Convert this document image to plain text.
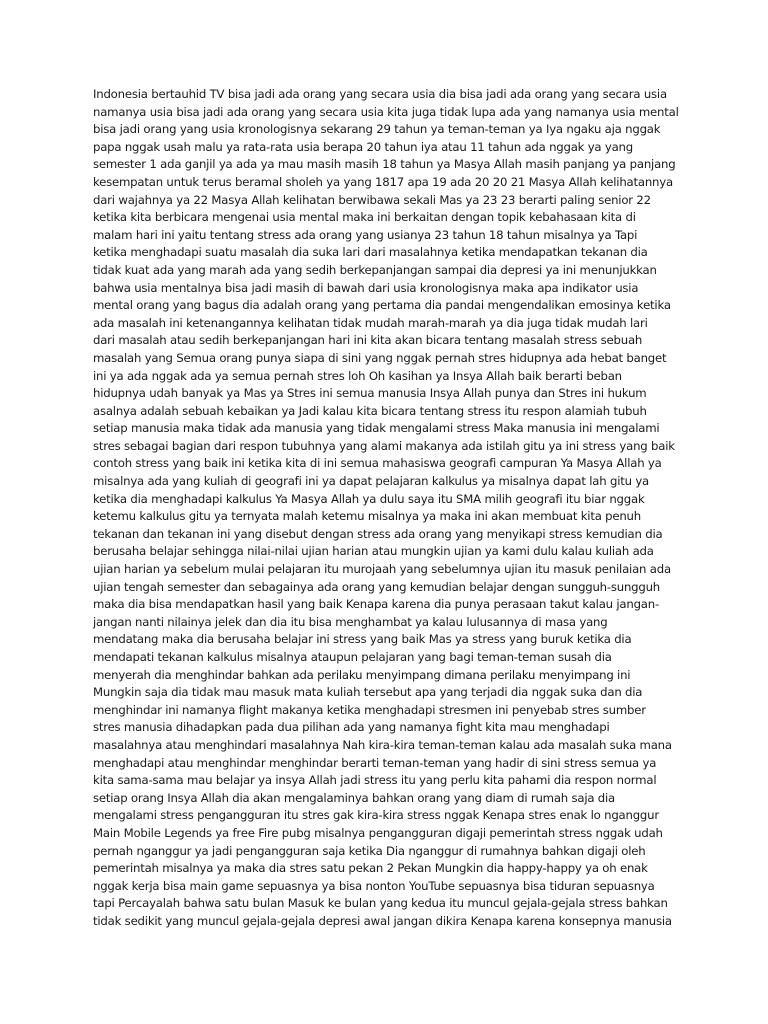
Indonesia bertauhid TV bisa jadi ada orang yang secara usia dia bisa jadi ada orang yang secara usia
namanya usia bisa jadi ada orang yang secara usia kita juga tidak lupa ada yang namanya usia mental
bisa jadi orang yang usia kronologisnya sekarang 29 tahun ya teman-teman ya Iya ngaku aja nggak
papa nggak usah malu ya rata-rata usia berapa 20 tahun iya atau 11 tahun ada nggak ya yang
semester 1 ada ganjil ya ada ya mau masih masih 18 tahun ya Masya Allah masih panjang ya panjang
kesempatan untuk terus beramal sholeh ya yang 1817 apa 19 ada 20 20 21 Masya Allah kelihatannya
dari wajahnya ya 22 Masya Allah kelihatan berwibawa sekali Mas ya 23 23 berarti paling senior 22
ketika kita berbicara mengenai usia mental maka ini berkaitan dengan topik kebahasaan kita di
malam hari ini yaitu tentang stress ada orang yang usianya 23 tahun 18 tahun misalnya ya Tapi
ketika menghadapi suatu masalah dia suka lari dari masalahnya ketika mendapatkan tekanan dia
tidak kuat ada yang marah ada yang sedih berkepanjangan sampai dia depresi ya ini menunjukkan
bahwa usia mentalnya bisa jadi masih di bawah dari usia kronologisnya maka apa indikator usia
mental orang yang bagus dia adalah orang yang pertama dia pandai mengendalikan emosinya ketika
ada masalah ini ketenangannya kelihatan tidak mudah marah-marah ya dia juga tidak mudah lari
dari masalah atau sedih berkepanjangan hari ini kita akan bicara tentang masalah stress sebuah
masalah yang Semua orang punya siapa di sini yang nggak pernah stres hidupnya ada hebat banget
ini ya ada nggak ada ya semua pernah stres loh Oh kasihan ya Insya Allah baik berarti beban
hidupnya udah banyak ya Mas ya Stres ini semua manusia Insya Allah punya dan Stres ini hukum
asalnya adalah sebuah kebaikan ya Jadi kalau kita bicara tentang stress itu respon alamiah tubuh
setiap manusia maka tidak ada manusia yang tidak mengalami stress Maka manusia ini mengalami
stres sebagai bagian dari respon tubuhnya yang alami makanya ada istilah gitu ya ini stress yang baik
contoh stress yang baik ini ketika kita di ini semua mahasiswa geografi campuran Ya Masya Allah ya
misalnya ada yang kuliah di geografi ini ya dapat pelajaran kalkulus ya misalnya dapat lah gitu ya
ketika dia menghadapi kalkulus Ya Masya Allah ya dulu saya itu SMA milih geografi itu biar nggak
ketemu kalkulus gitu ya ternyata malah ketemu misalnya ya maka ini akan membuat kita penuh
tekanan dan tekanan ini yang disebut dengan stress ada orang yang menyikapi stress kemudian dia
berusaha belajar sehingga nilai-nilai ujian harian atau mungkin ujian ya kami dulu kalau kuliah ada
ujian harian ya sebelum mulai pelajaran itu murojaah yang sebelumnya ujian itu masuk penilaian ada
ujian tengah semester dan sebagainya ada orang yang kemudian belajar dengan sungguh-sungguh
maka dia bisa mendapatkan hasil yang baik Kenapa karena dia punya perasaan takut kalau jangan-
jangan nanti nilainya jelek dan dia itu bisa menghambat ya kalau lulusannya di masa yang
mendatang maka dia berusaha belajar ini stress yang baik Mas ya stress yang buruk ketika dia
mendapati tekanan kalkulus misalnya ataupun pelajaran yang bagi teman-teman susah dia
menyerah dia menghindar bahkan ada perilaku menyimpang dimana perilaku menyimpang ini
Mungkin saja dia tidak mau masuk mata kuliah tersebut apa yang terjadi dia nggak suka dan dia
menghindar ini namanya flight makanya ketika menghadapi stresmen ini penyebab stres sumber
stres manusia dihadapkan pada dua pilihan ada yang namanya fight kita mau menghadapi
masalahnya atau menghindari masalahnya Nah kira-kira teman-teman kalau ada masalah suka mana
menghadapi atau menghindar menghindar berarti teman-teman yang hadir di sini stress semua ya
kita sama-sama mau belajar ya insya Allah jadi stress itu yang perlu kita pahami dia respon normal
setiap orang Insya Allah dia akan mengalaminya bahkan orang yang diam di rumah saja dia
mengalami stress pengangguran itu stres gak kira-kira stress nggak Kenapa stres enak lo nganggur
Main Mobile Legends ya free Fire pubg misalnya pengangguran digaji pemerintah stress nggak udah
pernah nganggur ya jadi pengangguran saja ketika Dia nganggur di rumahnya bahkan digaji oleh
pemerintah misalnya ya maka dia stres satu pekan 2 Pekan Mungkin dia happy-happy ya oh enak
nggak kerja bisa main game sepuasnya ya bisa nonton YouTube sepuasnya bisa tiduran sepuasnya
tapi Percayalah bahwa satu bulan Masuk ke bulan yang kedua itu muncul gejala-gejala stress bahkan
tidak sedikit yang muncul gejala-gejala depresi awal jangan dikira Kenapa karena konsepnya manusia
